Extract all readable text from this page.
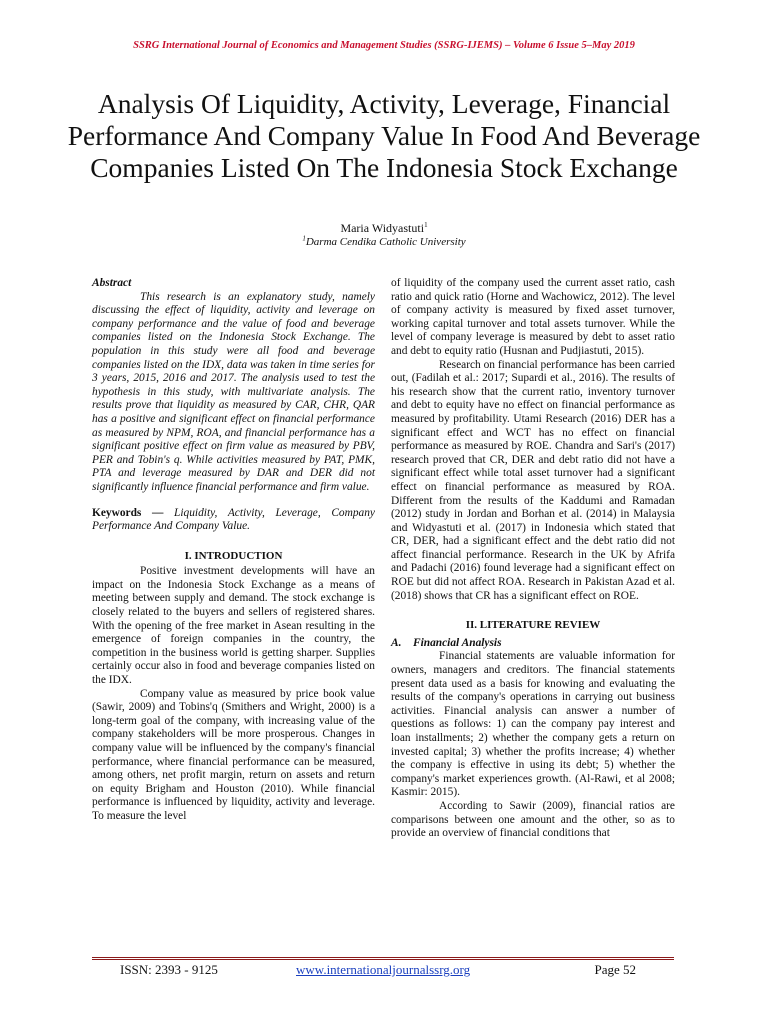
SSRG International Journal of Economics and Management Studies (SSRG-IJEMS) – Volume 6 Issue 5–May 2019
Analysis Of Liquidity, Activity, Leverage, Financial Performance And Company Value In Food And Beverage Companies Listed On The Indonesia Stock Exchange
Maria Widyastuti$^1$
$^1$Darma Cendika Catholic University

Abstract

This research is an explanatory study, namely discussing the effect of liquidity, activity and leverage on company performance and the value of food and beverage companies listed on the Indonesia Stock Exchange. The population in this study were all food and beverage companies listed on the IDX, data was taken in time series for 3 years, 2015, 2016 and 2017. The analysis used to test the hypothesis in this study, with multivariate analysis. The results prove that liquidity as measured by CAR, CHR, QAR has a positive and significant effect on financial performance as measured by NPM, ROA, and financial performance has a significant positive effect on firm value as measured by PBV, PER and Tobin's q. While activities measured by PAT, PMK, PTA and leverage measured by DAR and DER did not significantly influence financial performance and firm value.

Keywords — Liquidity, Activity, Leverage, Company Performance And Company Value.

I. INTRODUCTION

Positive investment developments will have an impact on the Indonesia Stock Exchange as a means of meeting between supply and demand. The stock exchange is closely related to the buyers and sellers of registered shares. With the opening of the free market in Asean resulting in the emergence of foreign companies in the country, the competition in the business world is getting sharper. Supplies certainly occur also in food and beverage companies listed on the IDX.

Company value as measured by price book value (Sawir, 2009) and Tobins'q (Smithers and Wright, 2000) is a long-term goal of the company, with increasing value of the company stakeholders will be more prosperous. Changes in company value will be influenced by the company's financial performance, where financial performance can be measured, among others, net profit margin, return on assets and return on equity Brigham and Houston (2010). While financial performance is influenced by liquidity, activity and leverage. To measure the level

of liquidity of the company used the current asset ratio, cash ratio and quick ratio (Horne and Wachowicz, 2012). The level of company activity is measured by fixed asset turnover, working capital turnover and total assets turnover. While the level of company leverage is measured by debt to asset ratio and debt to equity ratio (Husnan and Pudjiastuti, 2015).

Research on financial performance has been carried out, (Fadilah et al.: 2017; Supardi et al., 2016). The results of his research show that the current ratio, inventory turnover and debt to equity have no effect on financial performance as measured by profitability. Utami Research (2016) DER has a significant effect and WCT has no effect on financial performance as measured by ROE. Chandra and Sari's (2017) research proved that CR, DER and debt ratio did not have a significant effect while total asset turnover had a significant effect on financial performance as measured by ROA. Different from the results of the Kaddumi and Ramadan (2012) study in Jordan and Borhan et al. (2014) in Malaysia and Widyastuti et al. (2017) in Indonesia which stated that CR, DER, had a significant effect and the debt ratio did not affect financial performance. Research in the UK by Afrifa and Padachi (2016) found leverage had a significant effect on ROE but did not affect ROA. Research in Pakistan Azad et al. (2018) shows that CR has a significant effect on ROE.

II. LITERATURE REVIEW

A. Financial Analysis

Financial statements are valuable information for owners, managers and creditors. The financial statements present data used as a basis for knowing and evaluating the results of the company's operations in carrying out business activities. Financial analysis can answer a number of questions as follows: 1) can the company pay interest and loan installments; 2) whether the company gets a return on invested capital; 3) whether the profits increase; 4) whether the company is effective in using its debt; 5) whether the company's market experiences growth. (Al-Rawi, et al 2008; Kasmir: 2015).

According to Sawir (2009), financial ratios are comparisons between one amount and the other, so as to provide an overview of financial conditions that

ISSN: 2393 - 9125	www.internationaljournalssrg.org	Page 52
